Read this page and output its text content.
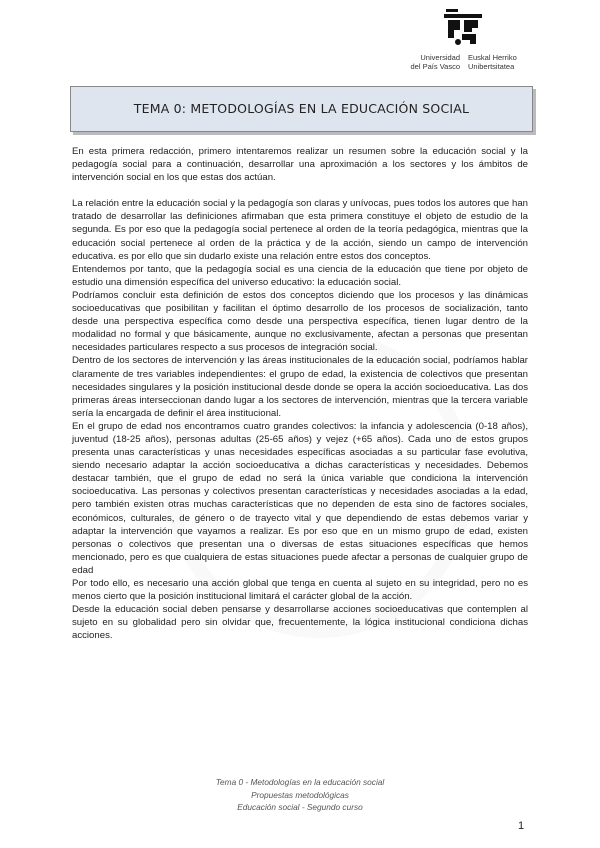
Universidad
del País Vasco
Euskal Herriko
Unibertsitatea
TEMA 0: METODOLOGÍAS EN LA EDUCACIÓN SOCIAL

En esta primera redacción, primero intentaremos realizar un resumen sobre la educación social y la pedagogía social para a continuación, desarrollar una aproximación a los sectores y los ámbitos de intervención social en los que estas dos actúan.

La relación entre la educación social y la pedagogía son claras y unívocas, pues todos los autores que han tratado de desarrollar las definiciones afirmaban que esta primera constituye el objeto de estudio de la segunda. Es por eso que la pedagogía social pertenece al orden de la teoría pedagógica, mientras que la educación social pertenece al orden de la práctica y de la acción, siendo un campo de intervención educativa. es por ello que sin dudarlo existe una relación entre estos dos conceptos.

Entendemos por tanto, que la pedagogía social es una ciencia de la educación que tiene por objeto de estudio una dimensión específica del universo educativo: la educación social.

Podríamos concluir esta definición de estos dos conceptos diciendo que los procesos y las dinámicas socioeducativas que posibilitan y facilitan el óptimo desarrollo de los procesos de socialización, tanto desde una perspectiva específica como desde una perspectiva específica, tienen lugar dentro de la modalidad no formal y que básicamente, aunque no exclusivamente, afectan a personas que presentan necesidades particulares respecto a sus procesos de integración social.

Dentro de los sectores de intervención y las áreas institucionales de la educación social, podríamos hablar claramente de tres variables independientes: el grupo de edad, la existencia de colectivos que presentan necesidades singulares y la posición institucional desde donde se opera la acción socioeducativa. Las dos primeras áreas interseccionan dando lugar a los sectores de intervención, mientras que la tercera variable sería la encargada de definir el área institucional.

En el grupo de edad nos encontramos cuatro grandes colectivos: la infancia y adolescencia (0-18 años), juventud (18-25 años), personas adultas (25-65 años) y vejez (+65 años). Cada uno de estos grupos presenta unas características y unas necesidades específicas asociadas a su particular fase evolutiva, siendo necesario adaptar la acción socioeducativa a dichas características y necesidades. Debemos destacar también, que el grupo de edad no será la única variable que condiciona la intervención socioeducativa. Las personas y colectivos presentan características y necesidades asociadas a la edad, pero también existen otras muchas características que no dependen de esta sino de factores sociales, económicos, culturales, de género o de trayecto vital y que dependiendo de estas debemos variar y adaptar la intervención que vayamos a realizar. Es por eso que en un mismo grupo de edad, existen personas o colectivos que presentan una o diversas de estas situaciones específicas que hemos mencionado, pero es que cualquiera de estas situaciones puede afectar a personas de cualquier grupo de edad

Por todo ello, es necesario una acción global que tenga en cuenta al sujeto en su integridad, pero no es menos cierto que la posición institucional limitará el carácter global de la acción.

Desde la educación social deben pensarse y desarrollarse acciones socioeducativas que contemplen al sujeto en su globalidad pero sin olvidar que, frecuentemente, la lógica institucional condiciona dichas acciones.

Tema 0 - Metodologías en la educación social
Propuestas metodológicas
Educación social - Segundo curso
1
